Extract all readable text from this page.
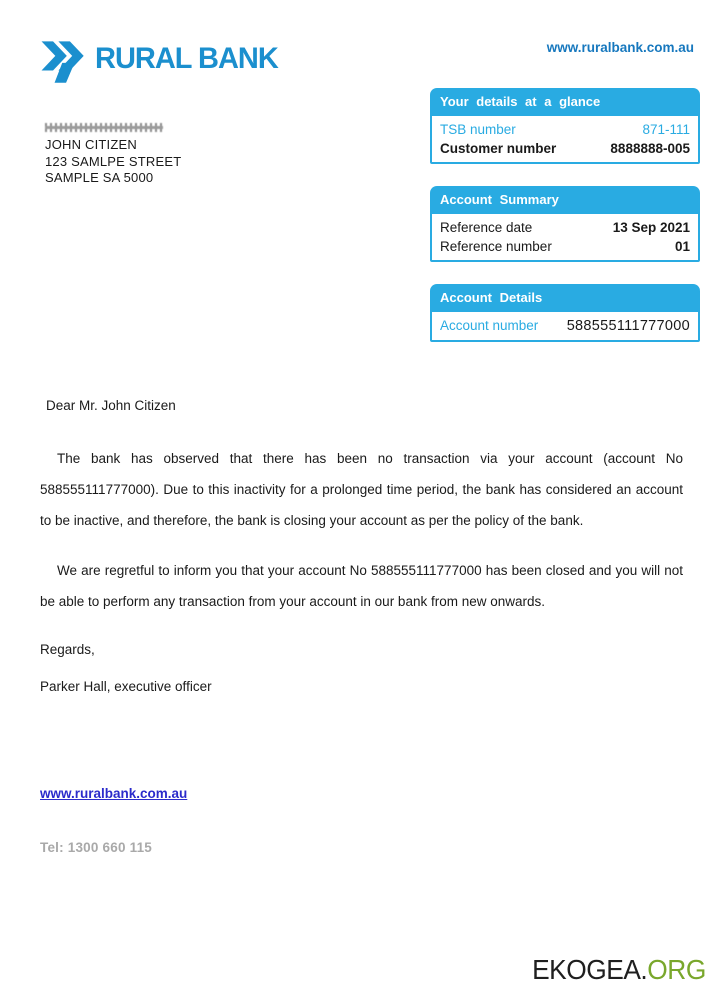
RURAL BANK	www.ruralbank.com.au
JOHN CITIZEN
123 SAMLPE STREET
SAMPLE SA 5000
Your details at a glance
TSB number	871-111
Customer number	8888888-005
Account Summary
Reference date	13 Sep 2021
Reference number	01
Account Details
Account number 588555111777000
Dear Mr. John Citizen
The bank has observed that there has been no transaction via your account (account No 588555111777000). Due to this inactivity for a prolonged time period, the bank has considered an account to be inactive, and therefore, the bank is closing your account as per the policy of the bank.
We are regretful to inform you that your account No 588555111777000 has been closed and you will not be able to perform any transaction from your account in our bank from new onwards.
Regards,
Parker Hall, executive officer
www.ruralbank.com.au
Tel: 1300 660 115
EKOGEA.ORG
